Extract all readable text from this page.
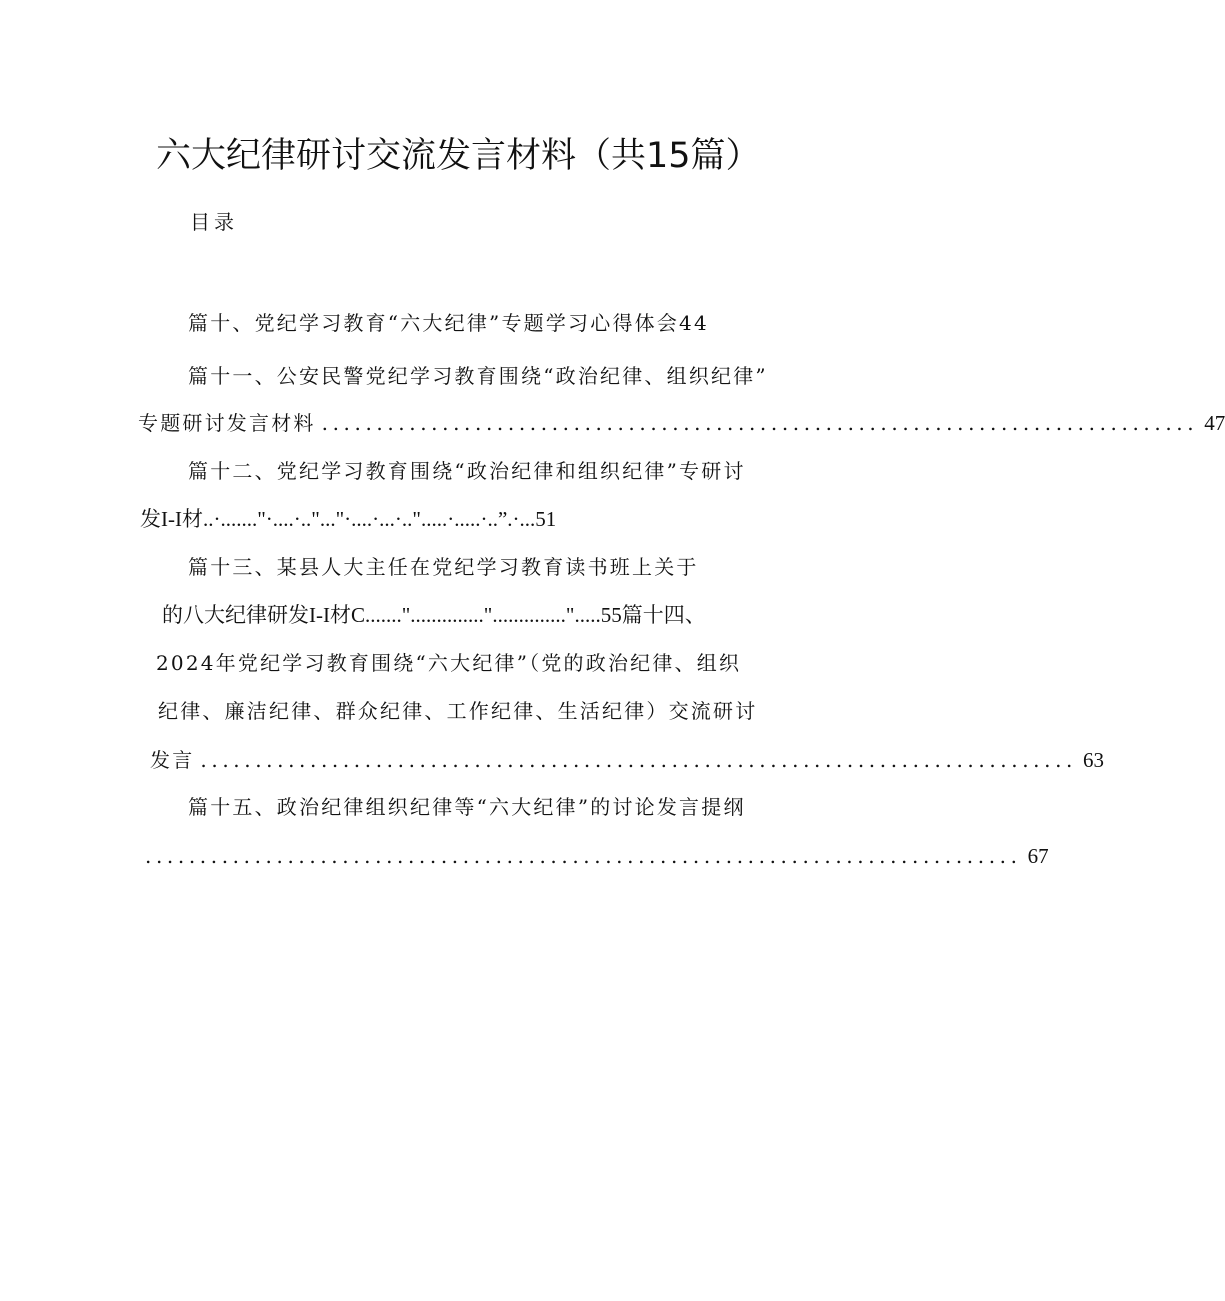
六大纪律研讨交流发言材料（共15篇）
目录
篇十、党纪学习教育“六大纪律”专题学习心得体会44
篇十一、公安民警党纪学习教育围绕“政治纪律、组织纪律”
专题研讨发言材料 ................................................................................ 47
篇十二、党纪学习教育围绕“政治纪律和组织纪律”专研讨
发I-I材..·......."·....·.."..."·....·...·..".....·.....·..”.·...51
篇十三、某县人大主任在党纪学习教育读书班上关于
的八大纪律研发I-I材C.......".............."..............".....55篇十四、
2024年党纪学习教育围绕“六大纪律”（党的政治纪律、组织
纪律、廉洁纪律、群众纪律、工作纪律、生活纪律）交流研讨
发言 ................................................................................ 63
篇十五、政治纪律组织纪律等“六大纪律”的讨论发言提纲
................................................................................ 67
